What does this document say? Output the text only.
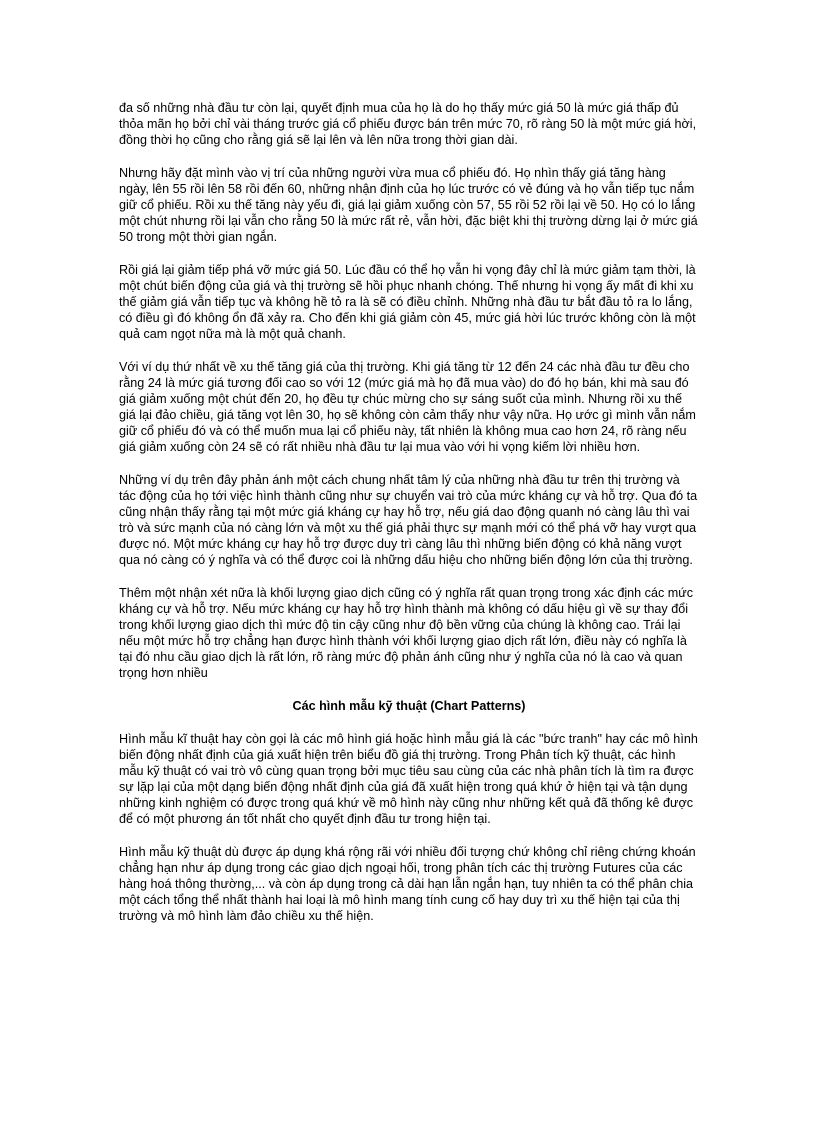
đa số những nhà đầu tư còn lại, quyết định mua của họ là do họ thấy mức giá 50 là mức giá thấp đủ thỏa mãn họ bởi chỉ vài tháng trước giá cổ phiếu được bán trên mức 70, rõ ràng 50 là một mức giá hời, đồng thời họ cũng cho rằng giá sẽ lại lên và lên nữa trong thời gian dài.

Nhưng hãy đặt mình vào vị trí của những người vừa mua cổ phiếu đó. Họ nhìn thấy giá tăng hàng ngày, lên 55 rồi lên 58 rồi đến 60, những nhận định của họ lúc trước có vẻ đúng và họ vẫn tiếp tục nắm giữ cổ phiếu. Rồi xu thế tăng này yếu đi, giá lại giảm xuống còn 57, 55 rồi 52 rồi lại về 50. Họ có lo lắng một chút nhưng rồi lại vẫn cho rằng 50 là mức rất rẻ, vẫn hời, đặc biệt khi thị trường dừng lại ở mức giá 50 trong một thời gian ngắn.

Rồi giá lại giảm tiếp phá vỡ mức giá 50. Lúc đầu có thể họ vẫn hi vọng đây chỉ là mức giảm tạm thời, là một chút biến động của giá và thị trường sẽ hồi phục nhanh chóng. Thế nhưng hi vọng ấy mất đi khi xu thế giảm giá vẫn tiếp tục và không hề tỏ ra là sẽ có điều chỉnh. Những nhà đầu tư bắt đầu tỏ ra lo lắng, có điều gì đó không ổn đã xảy ra. Cho đến khi giá giảm còn 45, mức giá hời lúc trước không còn là một quả cam ngọt nữa mà là một quả chanh.

Với ví dụ thứ nhất về xu thế tăng giá của thị trường. Khi giá tăng từ 12 đến 24 các nhà đầu tư đều cho rằng 24 là mức giá tương đối cao so với 12 (mức giá mà họ đã mua vào) do đó họ bán, khi mà sau đó giá giảm xuống một chút đến 20, họ đều tự chúc mừng cho sự sáng suốt của mình. Nhưng rồi xu thế giá lại đảo chiều, giá tăng vọt lên 30, họ sẽ không còn cảm thấy như vậy nữa. Họ ước gì mình vẫn nắm giữ cổ phiếu đó và có thể muốn mua lại cổ phiếu này, tất nhiên là không mua cao hơn 24, rõ ràng nếu giá giảm xuống còn 24 sẽ có rất nhiều nhà đầu tư lại mua vào với hi vọng kiếm lời nhiều hơn.

Những ví dụ trên đây phản ánh một cách chung nhất tâm lý của những nhà đầu tư trên thị trường và tác động của họ tới việc hình thành cũng như sự chuyển vai trò của mức kháng cự và hỗ trợ. Qua đó ta cũng nhận thấy rằng tại một mức giá kháng cự hay hỗ trợ, nếu giá dao động quanh nó càng lâu thì vai trò và sức mạnh của nó càng lớn và một xu thế giá phải thực sự mạnh mới có thể phá vỡ hay vượt qua được nó. Một mức kháng cự hay hỗ trợ được duy trì càng lâu thì những biến động có khả năng vượt qua nó càng có ý nghĩa và có thể được coi là những dấu hiệu cho những biến động lớn của thị trường.

Thêm một nhận xét nữa là khối lượng giao dịch cũng có ý nghĩa rất quan trọng trong xác định các mức kháng cự và hỗ trợ. Nếu mức kháng cự hay hỗ trợ hình thành mà không có dấu hiệu gì về sự thay đổi trong khối lượng giao dịch thì mức độ tin cậy cũng như độ bền vững của chúng là không cao. Trái lại nếu một mức hỗ trợ chẳng hạn được hình thành với khối lượng giao dịch rất lớn, điều này có nghĩa là tại đó nhu cầu giao dịch là rất lớn, rõ ràng mức độ phản ánh cũng như ý nghĩa của nó là cao và quan trọng hơn nhiều

Các hình mẫu kỹ thuật (Chart Patterns)

Hình mẫu kĩ thuật hay còn gọi là các mô hình giá hoặc hình mẫu giá là các "bức tranh" hay các mô hình biến động nhất định của giá xuất hiện trên biểu đồ giá thị trường. Trong Phân tích kỹ thuật, các hình mẫu kỹ thuật có vai trò vô cùng quan trọng bởi mục tiêu sau cùng của các nhà phân tích là tìm ra được sự lặp lại của một dạng biến động nhất định của giá đã xuất hiện trong quá khứ ở hiện tại và tận dụng những kinh nghiệm có được trong quá khứ về mô hình này cũng như những kết quả đã thống kê được để có một phương án tốt nhất cho quyết định đầu tư trong hiện tại.

Hình mẫu kỹ thuật dù được áp dụng khá rộng rãi với nhiều đối tượng chứ không chỉ riêng chứng khoán chẳng hạn như áp dụng trong các giao dịch ngoại hối, trong phân tích các thị trường Futures của các hàng hoá thông thường,... và còn áp dụng trong cả dài hạn lẫn ngắn hạn, tuy nhiên ta có thể phân chia một cách tổng thể nhất thành hai loại là mô hình mang tính cung cố hay duy trì xu thế hiện tại của thị trường và mô hình làm đảo chiều xu thế hiện.
